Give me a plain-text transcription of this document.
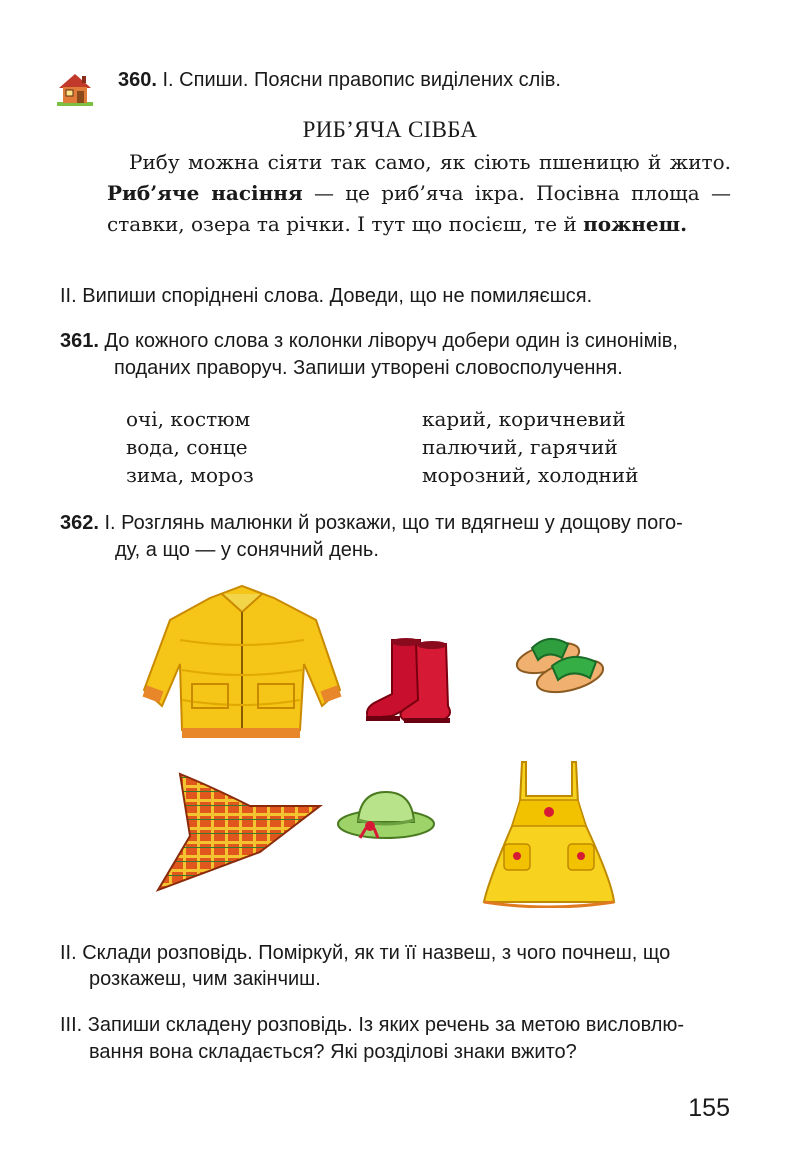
360. І. Спиши. Поясни правопис виділених слів.
РИБ’ЯЧА СІВБА

Рибу можна сіяти так само, як сіють пшеницю й жито. Риб’яче насіння — це риб’яча ікра. Посівна площа — ставки, озера та річки. І тут що посієш, те й пожнеш.

ІІ. Випиши споріднені слова. Доведи, що не помиляєшся.
361. До кожного слова з колонки ліворуч добери один із синонімів,
поданих праворуч. Запиши утворені словосполучення.
очі, костюм
вода, сонце
зима, мороз
карий, коричневий
палючий, гарячий
морозний, холодний
362. І. Розглянь малюнки й розкажи, що ти вдягнеш у дощову пого-
ду, а що — у сонячний день.
ІІ. Склади розповідь. Поміркуй, як ти її назвеш, з чого почнеш, що
розкажеш, чим закінчиш.
ІІІ. Запиши складену розповідь. Із яких речень за метою висловлю-
вання вона складається? Які розділові знаки вжито?
155
